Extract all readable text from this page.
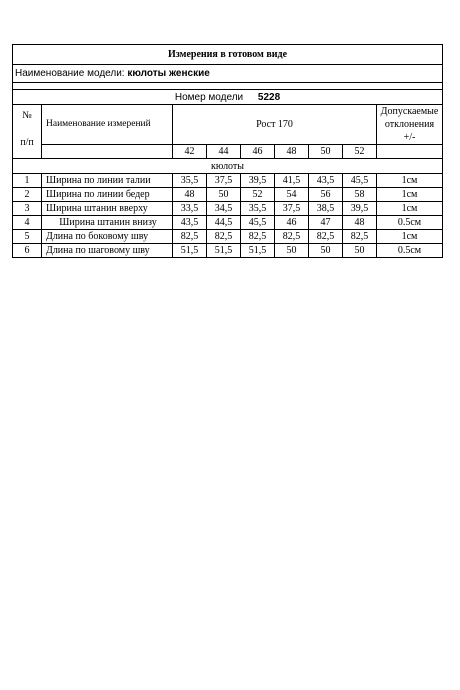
Измерения в готовом виде								
Наименование модели: кюлоты женские								

Номер модели 5228								

№
п/п	Наименование измерений	Рост 170						Допускаемые отклонения +/-
		42	44	46	48	50	52	
кюлоты								
1	Ширина по линии талии	35,5	37,5	39,5	41,5	43,5	45,5	1см
2	Ширина по линии бедер	48	50	52	54	56	58	1см
3	Ширина штанин вверху	33,5	34,5	35,5	37,5	38,5	39,5	1см
4	Ширина штанин внизу	43,5	44,5	45,5	46	47	48	0.5см
5	Длина по боковому шву	82,5	82,5	82,5	82,5	82,5	82,5	1см
6	Длина по шаговому шву	51,5	51,5	51,5	50	50	50	0.5см
